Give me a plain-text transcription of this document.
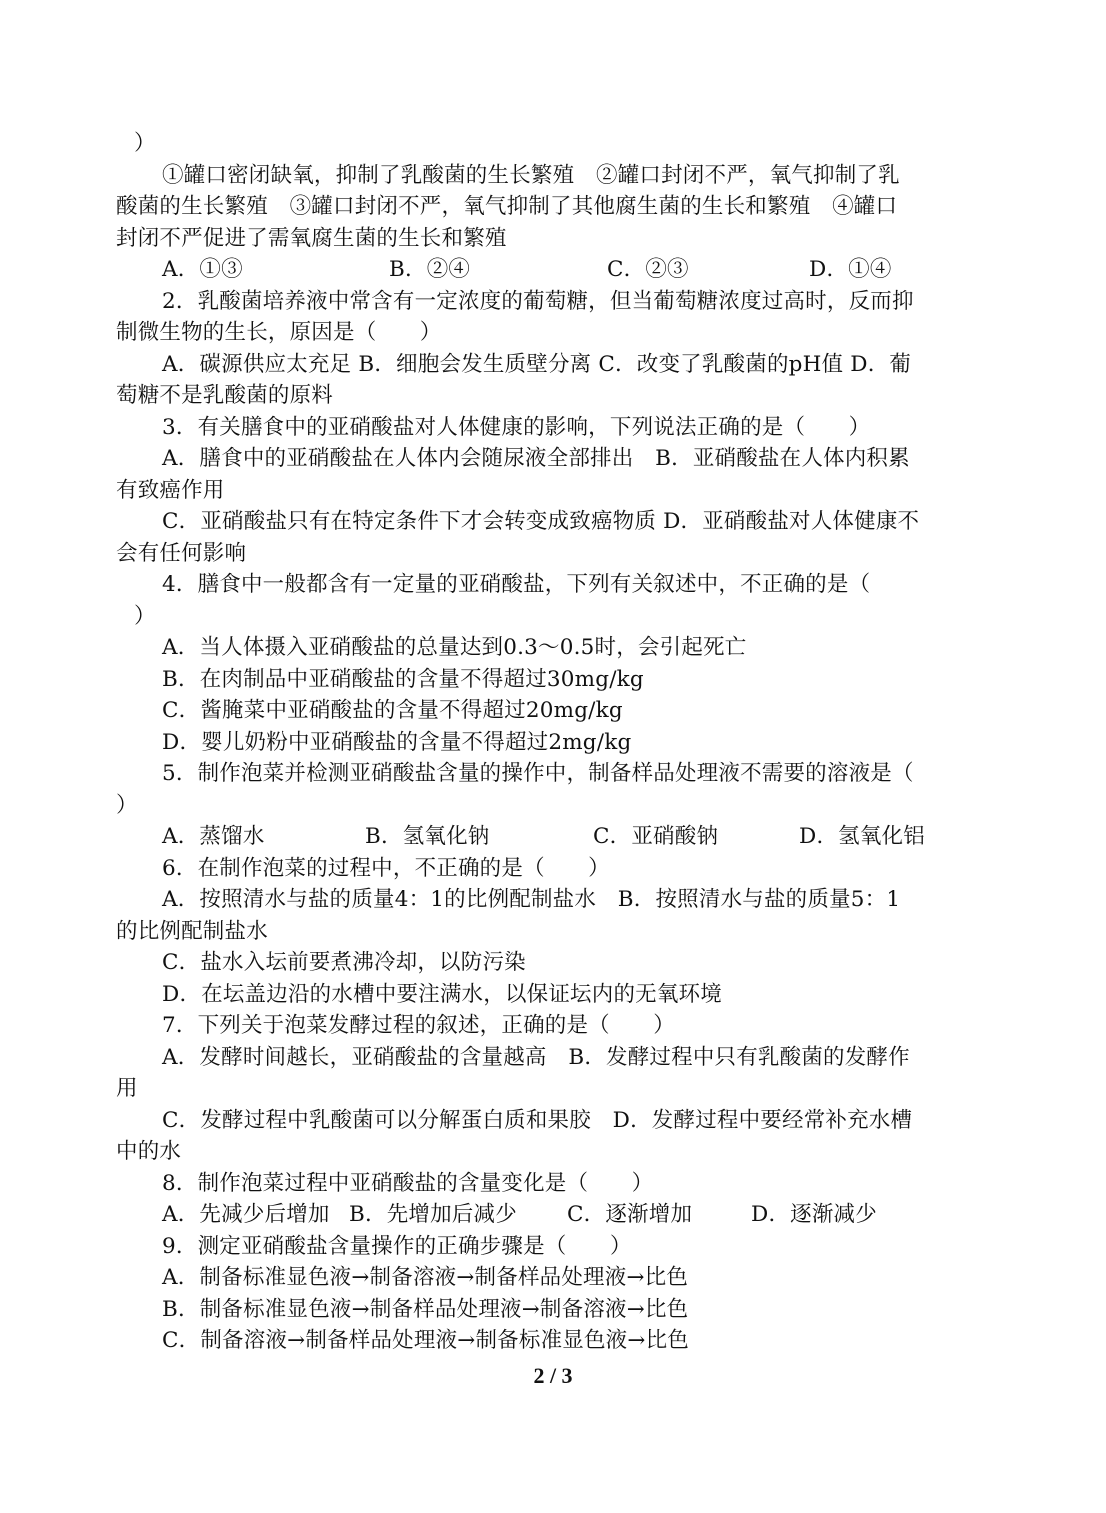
）
①罐口密闭缺氧，抑制了乳酸菌的生长繁殖　②罐口封闭不严，氧气抑制了乳
酸菌的生长繁殖　③罐口封闭不严，氧气抑制了其他腐生菌的生长和繁殖　④罐口
封闭不严促进了需氧腐生菌的生长和繁殖
A．①③	B．②④	C．②③	D．①④
2．乳酸菌培养液中常含有一定浓度的葡萄糖，但当葡萄糖浓度过高时，反而抑
制微生物的生长，原因是（　　）
A．碳源供应太充足 B．细胞会发生质壁分离 C．改变了乳酸菌的pH值 D．葡
萄糖不是乳酸菌的原料
3．有关膳食中的亚硝酸盐对人体健康的影响，下列说法正确的是（　　）
A．膳食中的亚硝酸盐在人体内会随尿液全部排出　B．亚硝酸盐在人体内积累
有致癌作用
C．亚硝酸盐只有在特定条件下才会转变成致癌物质 D．亚硝酸盐对人体健康不
会有任何影响
4．膳食中一般都含有一定量的亚硝酸盐，下列有关叙述中，不正确的是（
）
A．当人体摄入亚硝酸盐的总量达到0.3～0.5时，会引起死亡
B．在肉制品中亚硝酸盐的含量不得超过30mg/kg
C．酱腌菜中亚硝酸盐的含量不得超过20mg/kg
D．婴儿奶粉中亚硝酸盐的含量不得超过2mg/kg
5．制作泡菜并检测亚硝酸盐含量的操作中，制备样品处理液不需要的溶液是（
）
A．蒸馏水	B．氢氧化钠	C．亚硝酸钠	D．氢氧化铝
6．在制作泡菜的过程中，不正确的是（　　）
A．按照清水与盐的质量4：1的比例配制盐水　B．按照清水与盐的质量5：1
的比例配制盐水
C．盐水入坛前要煮沸冷却，以防污染
D．在坛盖边沿的水槽中要注满水，以保证坛内的无氧环境
7．下列关于泡菜发酵过程的叙述，正确的是（　　）
A．发酵时间越长，亚硝酸盐的含量越高　B．发酵过程中只有乳酸菌的发酵作
用
C．发酵过程中乳酸菌可以分解蛋白质和果胶　D．发酵过程中要经常补充水槽
中的水
8．制作泡菜过程中亚硝酸盐的含量变化是（　　）
A．先减少后增加 B．先增加后减少	C．逐渐增加	D．逐渐减少
9．测定亚硝酸盐含量操作的正确步骤是（　　）
A．制备标准显色液→制备溶液→制备样品处理液→比色
B．制备标准显色液→制备样品处理液→制备溶液→比色
C．制备溶液→制备样品处理液→制备标准显色液→比色
2 / 3
